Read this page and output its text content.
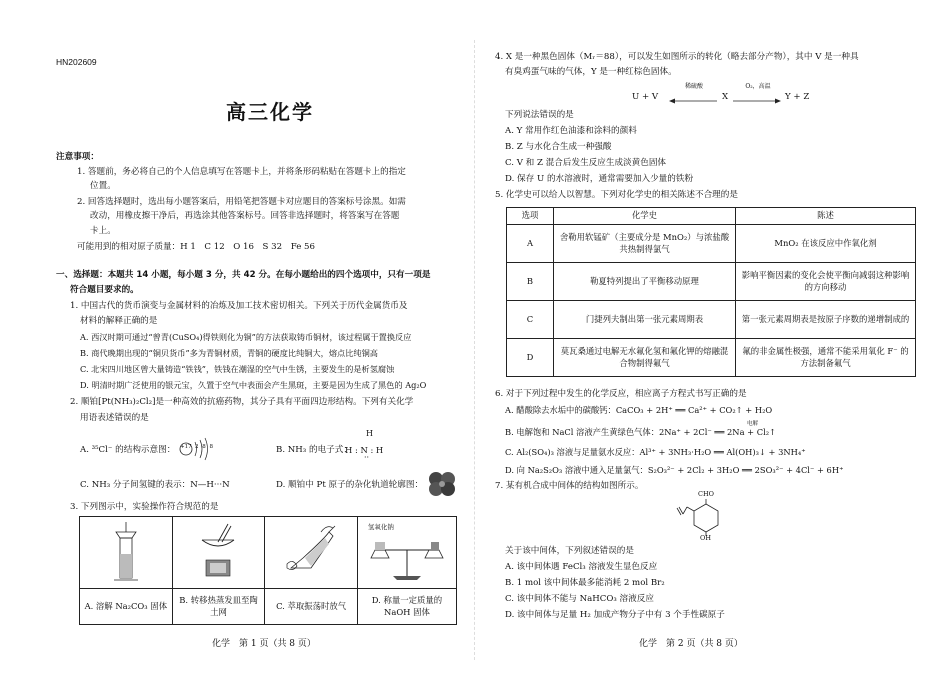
HN202609
高三化学
注意事项：
1. 答题前，务必将自己的个人信息填写在答题卡上，并将条形码粘贴在答题卡上的指定
位置。
2. 回答选择题时，选出每小题答案后，用铅笔把答题卡对应题目的答案标号涂黑。如需
改动，用橡皮擦干净后，再选涂其他答案标号。回答非选择题时，将答案写在答题
卡上。
可能用到的相对原子质量：H 1　C 12　O 16　S 32　Fe 56
一、选择题：本题共 14 小题，每小题 3 分，共 42 分。在每小题给出的四个选项中，只有一项是
符合题目要求的。
1. 中国古代的货币演变与金属材料的冶炼及加工技术密切相关。下列关于历代金属货币及
材料的解释正确的是
A. 西汉时期可通过“曾青(CuSO₄)得铁则化为铜”的方法获取铸币铜材，该过程属于置换反应
B. 商代晚期出现的“铜贝货币”多为青铜材质，青铜的硬度比纯铜大，熔点比纯铜高
C. 北宋四川地区曾大量铸造“铁钱”，铁钱在潮湿的空气中生锈，主要发生的是析氢腐蚀
D. 明清时期广泛使用的银元宝，久置于空气中表面会产生黑斑，主要是因为生成了黑色的 Ag₂O
2. 顺铂[Pt(NH₃)₂Cl₂]是一种高效的抗癌药物，其分子具有平面四边形结构。下列有关化学
用语表述错误的是
A. ³⁵Cl⁻ 的结构示意图： +17 2 8 8	B. NH₃ 的电子式：
H
H : N : H
··
C. NH₃ 分子间氢键的表示：N—H···N	D. 顺铂中 Pt 原子的杂化轨道轮廓图：
3. 下列图示中，实验操作符合规范的是

氢氧化钠

A. 溶解 Na₂CO₃ 固体	B. 转移热蒸发皿至陶土网	C. 萃取振荡时放气	D. 称量一定质量的 NaOH 固体
化学　第 1 页（共 8 页）
4. X 是一种黑色固体（Mᵣ＝88），可以发生如图所示的转化（略去部分产物），其中 V 是一种具
有臭鸡蛋气味的气体，Y 是一种红棕色固体。
U + V
稀硫酸
X
O₂，高温
Y + Z
下列说法错误的是
A. Y 常用作红色油漆和涂料的颜料
B. Z 与水化合生成一种强酸
C. V 和 Z 混合后发生反应生成淡黄色固体
D. 保存 U 的水溶液时，通常需要加入少量的铁粉
5. 化学史可以给人以智慧。下列对化学史的相关陈述不合理的是
选项	化学史	陈述
A	舍勒用软锰矿（主要成分是 MnO₂）与浓盐酸共热制得氯气	MnO₂ 在该反应中作氧化剂
B	勒夏特列提出了平衡移动原理	影响平衡因素的变化会使平衡向减弱这种影响的方向移动
C	门捷列夫制出第一张元素周期表	第一张元素周期表是按原子序数的递增制成的
D	莫瓦桑通过电解无水氟化氢和氟化钾的熔融混合物制得氟气	氟的非金属性极强，通常不能采用氧化 F⁻ 的方法制备氟气
6. 对于下列过程中发生的化学反应，相应离子方程式书写正确的是
A. 醋酸除去水垢中的碳酸钙：CaCO₃ + 2H⁺ ══ Ca²⁺ + CO₂↑ + H₂O
电解
B. 电解饱和 NaCl 溶液产生黄绿色气体：2Na⁺ + 2Cl⁻ ══ 2Na + Cl₂↑
C. Al₂(SO₄)₃ 溶液与足量氨水反应：Al³⁺ + 3NH₃·H₂O ══ Al(OH)₃↓ + 3NH₄⁺
D. 向 Na₂S₂O₃ 溶液中通入足量氯气：S₂O₃²⁻ + 2Cl₂ + 3H₂O ══ 2SO₃²⁻ + 4Cl⁻ + 6H⁺
7. 某有机合成中间体的结构如图所示。
CHO
OH
关于该中间体，下列叙述错误的是
A. 该中间体遇 FeCl₃ 溶液发生显色反应
B. 1 mol 该中间体最多能消耗 2 mol Br₂
C. 该中间体不能与 NaHCO₃ 溶液反应
D. 该中间体与足量 H₂ 加成产物分子中有 3 个手性碳原子
化学　第 2 页（共 8 页）
